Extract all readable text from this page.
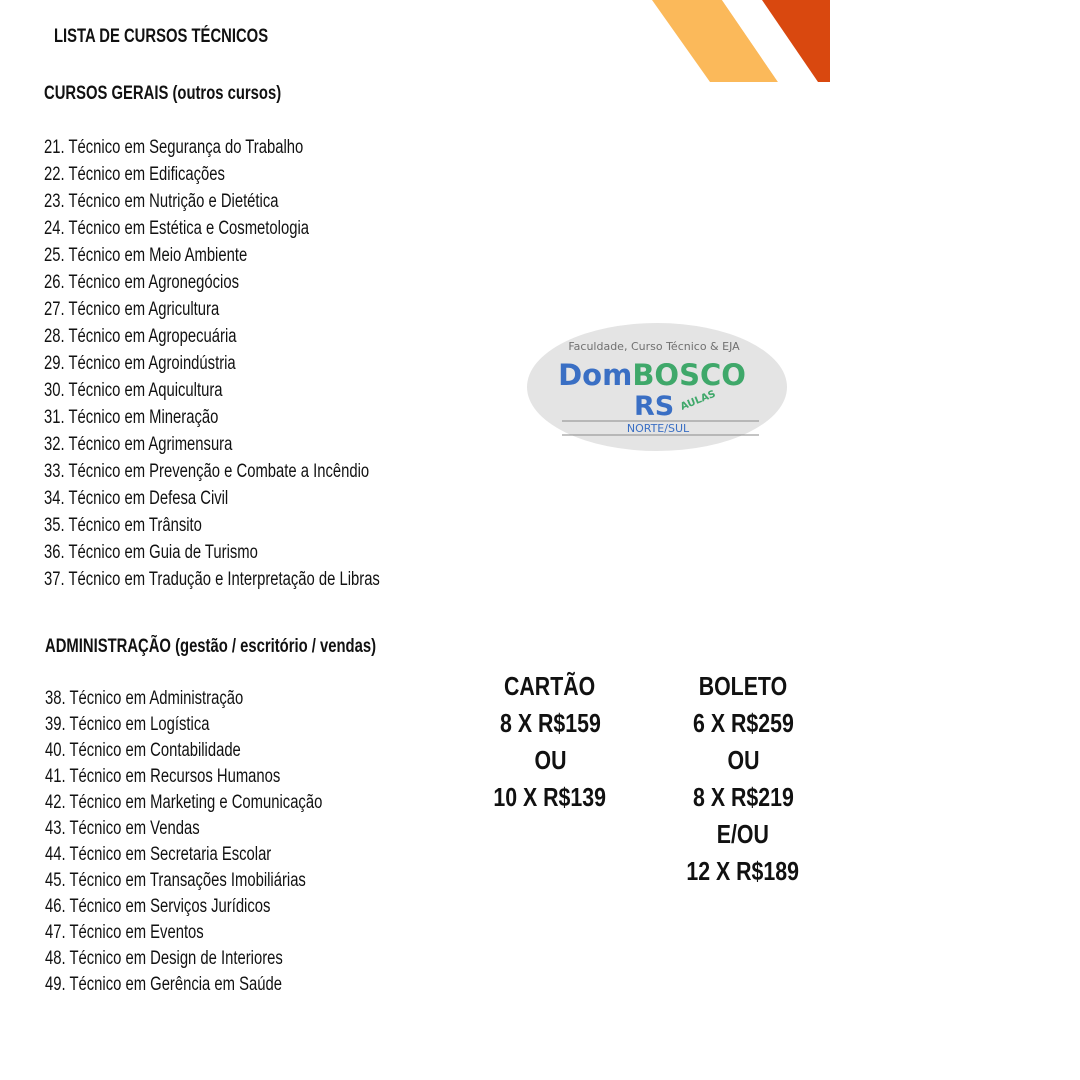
LISTA DE CURSOS TÉCNICOS
CURSOS GERAIS (outros cursos)
21. Técnico em Segurança do Trabalho
22. Técnico em Edificações
23. Técnico em Nutrição e Dietética
24. Técnico em Estética e Cosmetologia
25. Técnico em Meio Ambiente
26. Técnico em Agronegócios
27. Técnico em Agricultura
28. Técnico em Agropecuária
29. Técnico em Agroindústria
30. Técnico em Aquicultura
31. Técnico em Mineração
32. Técnico em Agrimensura
33. Técnico em Prevenção e Combate a Incêndio
34. Técnico em Defesa Civil
35. Técnico em Trânsito
36. Técnico em Guia de Turismo
37. Técnico em Tradução e Interpretação de Libras
Faculdade, Curso Técnico & EJA
DomBOSCO
RS AULAS
NORTE/SUL
ADMINISTRAÇÃO (gestão / escritório / vendas)
38. Técnico em Administração
39. Técnico em Logística
40. Técnico em Contabilidade
41. Técnico em Recursos Humanos
42. Técnico em Marketing e Comunicação
43. Técnico em Vendas
44. Técnico em Secretaria Escolar
45. Técnico em Transações Imobiliárias
46. Técnico em Serviços Jurídicos
47. Técnico em Eventos
48. Técnico em Design de Interiores
49. Técnico em Gerência em Saúde
CARTÃO
8 X R$159
OU
10 X R$139
BOLETO
6 X R$259
OU
8 X R$219
E/OU
12 X R$189
